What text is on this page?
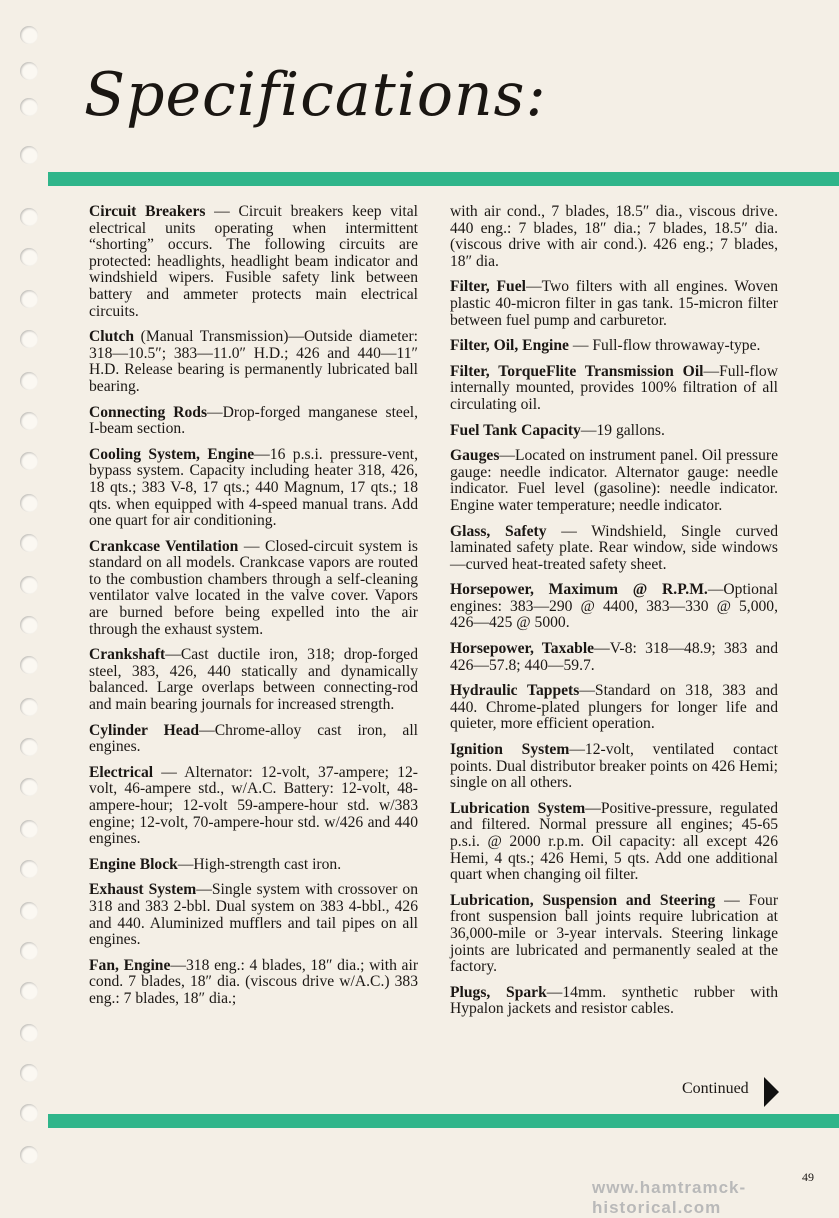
Specifications:

Circuit Breakers — Circuit breakers keep vital electrical units operating when intermittent “shorting” occurs. The following circuits are protected: headlights, headlight beam indicator and windshield wipers. Fusible safety link between battery and ammeter protects main electrical circuits.

Clutch (Manual Transmission)—Outside diameter: 318—10.5″; 383—11.0″ H.D.; 426 and 440—11″ H.D. Release bearing is permanently lubricated ball bearing.

Connecting Rods—Drop-forged manganese steel, I-beam section.

Cooling System, Engine—16 p.s.i. pressure-vent, bypass system. Capacity including heater 318, 426, 18 qts.; 383 V-8, 17 qts.; 440 Magnum, 17 qts.; 18 qts. when equipped with 4-speed manual trans. Add one quart for air conditioning.

Crankcase Ventilation — Closed-circuit system is standard on all models. Crankcase vapors are routed to the combustion chambers through a self-cleaning ventilator valve located in the valve cover. Vapors are burned before being expelled into the air through the exhaust system.

Crankshaft—Cast ductile iron, 318; drop-forged steel, 383, 426, 440 statically and dynamically balanced. Large overlaps between connecting-rod and main bearing journals for increased strength.

Cylinder Head—Chrome-alloy cast iron, all engines.

Electrical — Alternator: 12-volt, 37-ampere; 12-volt, 46-ampere std., w/A.C. Battery: 12-volt, 48-ampere-hour; 12-volt 59-ampere-hour std. w/383 engine; 12-volt, 70-ampere-hour std. w/426 and 440 engines.

Engine Block—High-strength cast iron.

Exhaust System—Single system with crossover on 318 and 383 2-bbl. Dual system on 383 4-bbl., 426 and 440. Aluminized mufflers and tail pipes on all engines.

Fan, Engine—318 eng.: 4 blades, 18″ dia.; with air cond. 7 blades, 18″ dia. (viscous drive w/A.C.) 383 eng.: 7 blades, 18″ dia.;

with air cond., 7 blades, 18.5″ dia., viscous drive. 440 eng.: 7 blades, 18″ dia.; 7 blades, 18.5″ dia. (viscous drive with air cond.). 426 eng.; 7 blades, 18″ dia.

Filter, Fuel—Two filters with all engines. Woven plastic 40-micron filter in gas tank. 15-micron filter between fuel pump and carburetor.

Filter, Oil, Engine — Full-flow throwaway-type.

Filter, TorqueFlite Transmission Oil—Full-flow internally mounted, provides 100% filtration of all circulating oil.

Fuel Tank Capacity—19 gallons.

Gauges—Located on instrument panel. Oil pressure gauge: needle indicator. Alternator gauge: needle indicator. Fuel level (gasoline): needle indicator. Engine water temperature; needle indicator.

Glass, Safety — Windshield, Single curved laminated safety plate. Rear window, side windows—curved heat-treated safety sheet.

Horsepower, Maximum @ R.P.M.—Optional engines: 383—290 @ 4400, 383—330 @ 5,000, 426—425 @ 5000.

Horsepower, Taxable—V-8: 318—48.9; 383 and 426—57.8; 440—59.7.

Hydraulic Tappets—Standard on 318, 383 and 440. Chrome-plated plungers for longer life and quieter, more efficient operation.

Ignition System—12-volt, ventilated contact points. Dual distributor breaker points on 426 Hemi; single on all others.

Lubrication System—Positive-pressure, regulated and filtered. Normal pressure all engines; 45-65 p.s.i. @ 2000 r.p.m. Oil capacity: all except 426 Hemi, 4 qts.; 426 Hemi, 5 qts. Add one additional quart when changing oil filter.

Lubrication, Suspension and Steering — Four front suspension ball joints require lubrication at 36,000-mile or 3-year intervals. Steering linkage joints are lubricated and permanently sealed at the factory.

Plugs, Spark—14mm. synthetic rubber with Hypalon jackets and resistor cables.

Continued
49
www.hamtramck-historical.com
